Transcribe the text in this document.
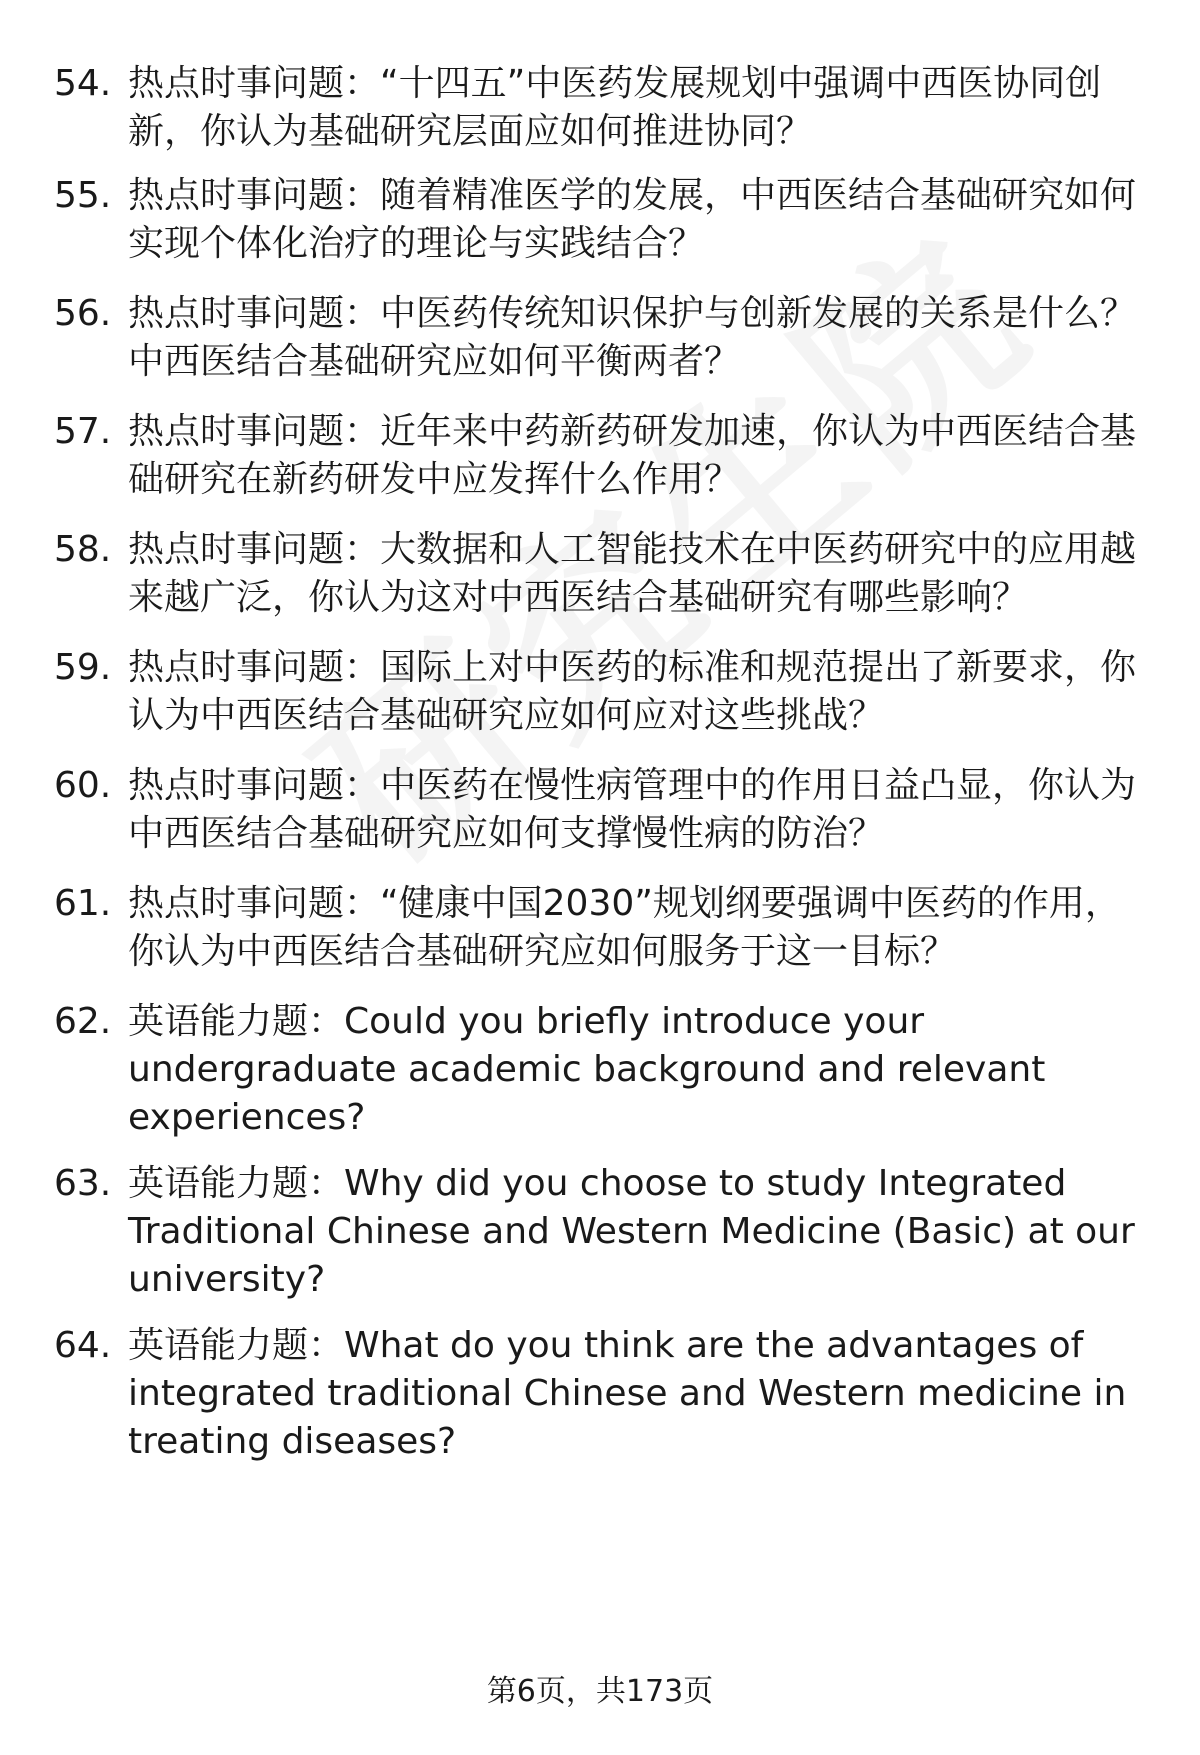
54. 热点时事问题：“十四五”中医药发展规划中强调中西医协同创
新，你认为基础研究层面应如何推进协同？
55. 热点时事问题：随着精准医学的发展，中西医结合基础研究如何
实现个体化治疗的理论与实践结合？
56. 热点时事问题：中医药传统知识保护与创新发展的关系是什么？
中西医结合基础研究应如何平衡两者？
57. 热点时事问题：近年来中药新药研发加速，你认为中西医结合基
础研究在新药研发中应发挥什么作用？
58. 热点时事问题：大数据和人工智能技术在中医药研究中的应用越
来越广泛，你认为这对中西医结合基础研究有哪些影响？
59. 热点时事问题：国际上对中医药的标准和规范提出了新要求，你
认为中西医结合基础研究应如何应对这些挑战？
60. 热点时事问题：中医药在慢性病管理中的作用日益凸显，你认为
中西医结合基础研究应如何支撑慢性病的防治？
61. 热点时事问题：“健康中国2030”规划纲要强调中医药的作用，
你认为中西医结合基础研究应如何服务于这一目标？
62. 英语能力题：Could you briefly introduce your
undergraduate academic background and relevant
experiences?
63. 英语能力题：Why did you choose to study Integrated
Traditional Chinese and Western Medicine (Basic) at our
university?
64. 英语能力题：What do you think are the advantages of
integrated traditional Chinese and Western medicine in
treating diseases?
第6页，共173页
